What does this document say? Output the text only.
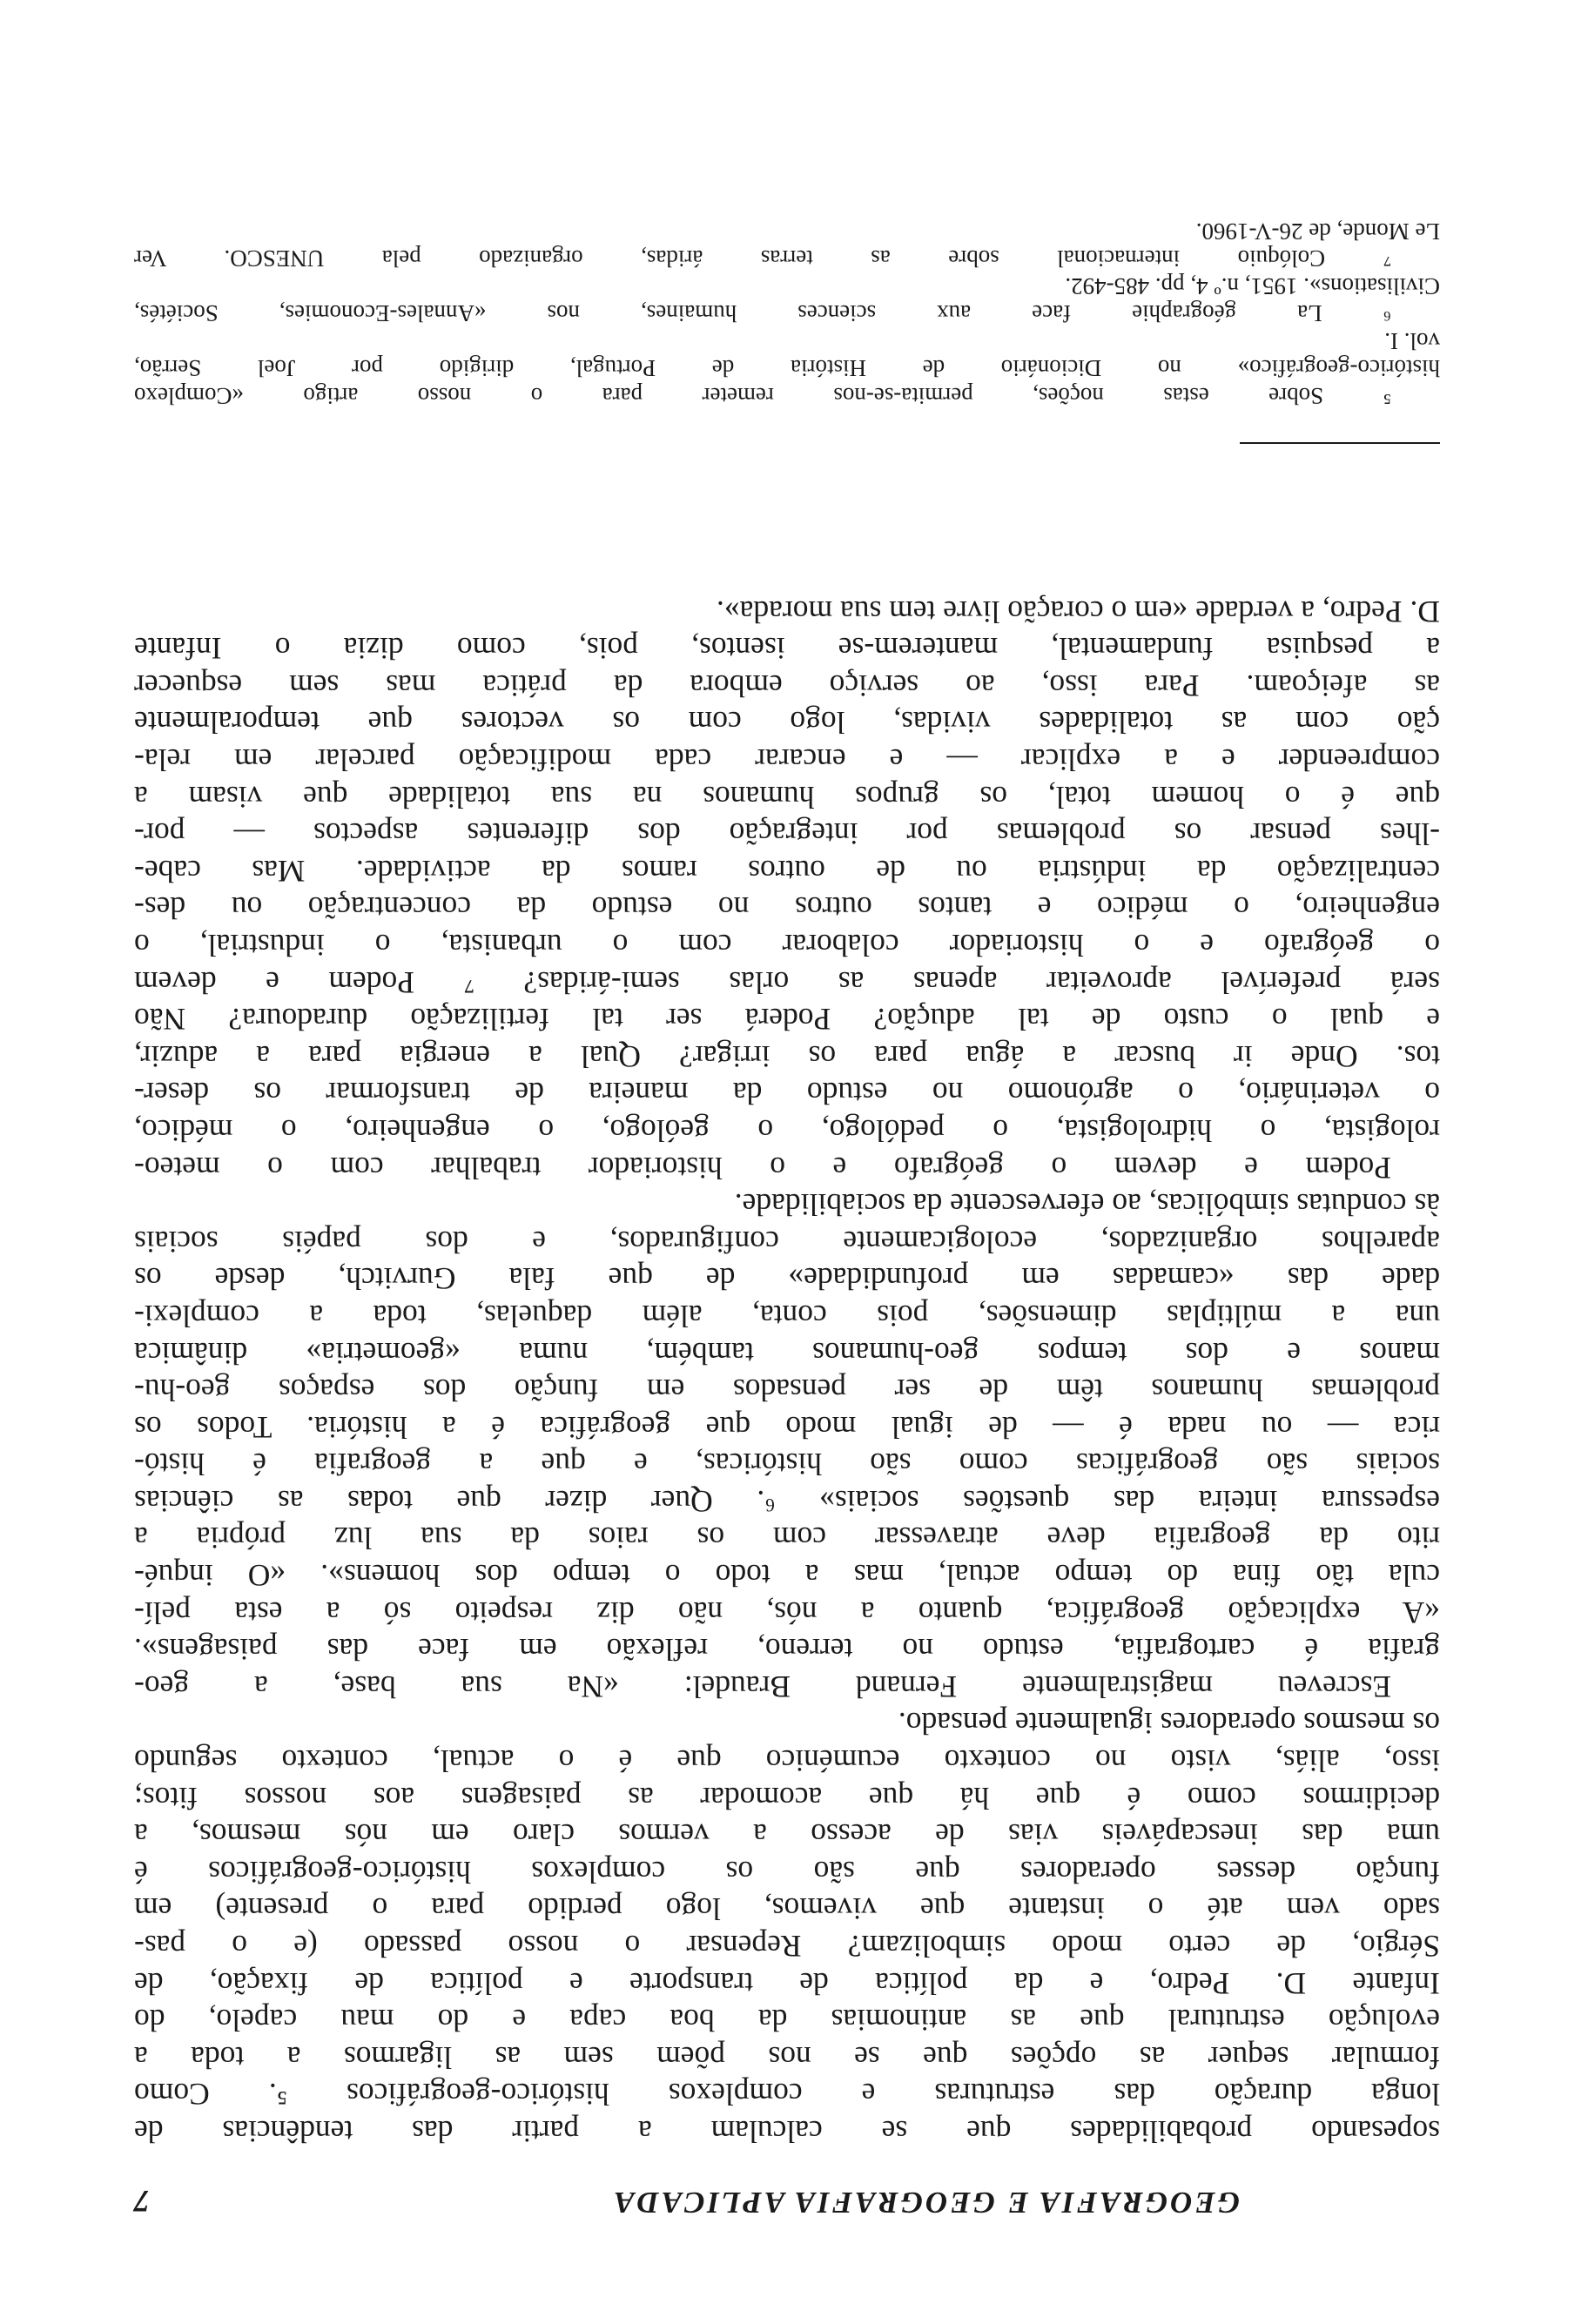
GEOGRAFIA E GEOGRAFIA APLICADA
7
sopesando probabilidades que se calculam a partir das tendências de
longa duração das estruturas e complexos histórico-geográficos ⁵. Como
formular sequer as opções que se nos põem sem as ligarmos a toda a
evolução estrutural que as antinomias da boa capa e do mau capelo, do
Infante D. Pedro, e da política de transporte e política de fixação, de
Sérgio, de certo modo simbolizam? Repensar o nosso passado (e o pas-
sado vem até o instante que vivemos, logo perdido para o presente) em
função desses operadores que são os complexos histórico-geográficos é
uma das inescapáveis vias de acesso a vermos claro em nós mesmos, a
decidirmos como é que há que acomodar as paisagens aos nossos fitos;
isso, aliás, visto no contexto ecuménico que é o actual, contexto segundo
os mesmos operadores igualmente pensado.
Escreveu magistralmente Fernand Braudel: «Na sua base, a geo-
grafia é cartografia, estudo no terreno, reflexão em face das paisagens».
«A explicação geográfica, quanto a nós, não diz respeito só a esta pelí-
cula tão fina do tempo actual, mas a todo o tempo dos homens». «O inqué-
rito da geografia deve atravessar com os raios da sua luz própria a
espessura inteira das questões sociais» ⁶. Quer dizer que todas as ciências
sociais são geográficas como são históricas, e que a geografia é histó-
rica — ou nada é — de igual modo que geográfica é a história. Todos os
problemas humanos têm de ser pensados em função dos espaços geo-hu-
manos e dos tempos geo-humanos também, numa «geometria» dinâmica
una a múltiplas dimensões, pois conta, além daquelas, toda a complexi-
dade das «camadas em profundidade» de que fala Gurvitch, desde os
aparelhos organizados, ecologicamente configurados, e dos papéis sociais
às condutas simbólicas, ao efervescente da sociabilidade.
Podem e devem o geógrafo e o historiador trabalhar com o meteo-
rologista, o hidrologista, o pedólogo, o geólogo, o engenheiro, o médico,
o veterinário, o agrónomo no estudo da maneira de transformar os deser-
tos. Onde ir buscar a água para os irrigar? Qual a energia para a aduzir,
e qual o custo de tal adução? Poderá ser tal fertilização duradoura? Não
será preferível aproveitar apenas as orlas semi-áridas? ⁷ Podem e devem
o geógrafo e o historiador colaborar com o urbanista, o industrial, o
engenheiro, o médico e tantos outros no estudo da concentração ou des-
centralização da indústria ou de outros ramos da actividade. Mas cabe-
-lhes pensar os problemas por integração dos diferentes aspectos — por-
que é o homem total, os grupos humanos na sua totalidade que visam a
compreender e a explicar — e encarar cada modificação parcelar em rela-
ção com as totalidades vividas, logo com os vectores que temporalmente
as afeiçoam. Para isso, ao serviço embora da prática mas sem esquecer
a pesquisa fundamental, manterem-se isentos, pois, como dizia o Infante
D. Pedro, a verdade «em o coração livre tem sua morada».
⁵ Sobre estas noções, permita-se-nos remeter para o nosso artigo «Complexo
histórico-geográfico» no Dicionário de História de Portugal, dirigido por Joel Serrão,
vol. I.
⁶ La géographie face aux sciences humaines, nos «Annales-Economies, Sociétés,
Civilisations». 1951, n.º 4, pp. 485-492.
⁷ Colóquio internacional sobre as terras áridas, organizado pela UNESCO. Ver
Le Monde, de 26-V-1960.
